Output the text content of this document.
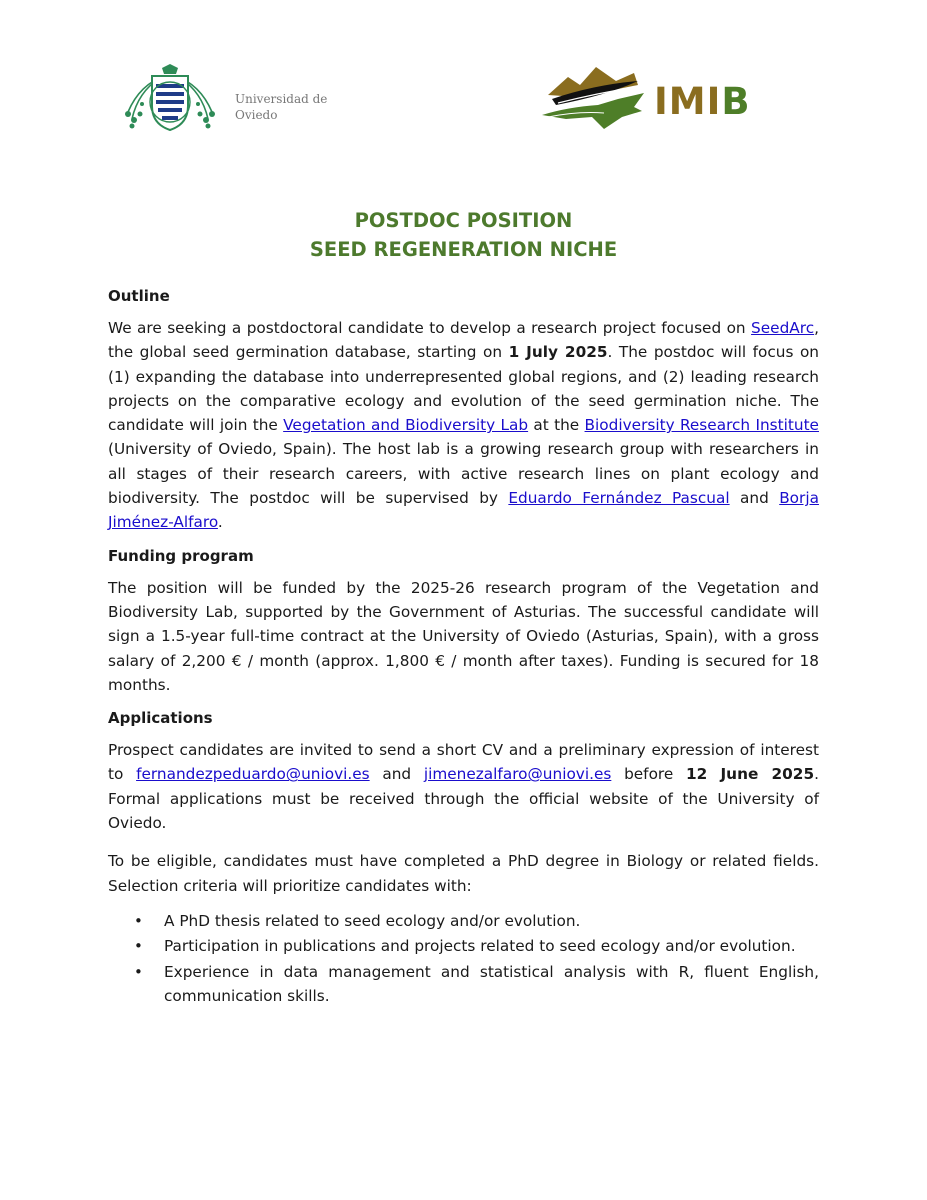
Universidad de
Oviedo	IMIB
POSTDOC POSITION
SEED REGENERATION NICHE

Outline

We are seeking a postdoctoral candidate to develop a research project focused on SeedArc, the global seed germination database, starting on 1 July 2025. The postdoc will focus on (1) expanding the database into underrepresented global regions, and (2) leading research projects on the comparative ecology and evolution of the seed germination niche. The candidate will join the Vegetation and Biodiversity Lab at the Biodiversity Research Institute (University of Oviedo, Spain). The host lab is a growing research group with researchers in all stages of their research careers, with active research lines on plant ecology and biodiversity. The postdoc will be supervised by Eduardo Fernández Pascual and Borja Jiménez-Alfaro.

Funding program

The position will be funded by the 2025-26 research program of the Vegetation and Biodiversity Lab, supported by the Government of Asturias. The successful candidate will sign a 1.5-year full-time contract at the University of Oviedo (Asturias, Spain), with a gross salary of 2,200 € / month (approx. 1,800 € / month after taxes). Funding is secured for 18 months.

Applications

Prospect candidates are invited to send a short CV and a preliminary expression of interest to fernandezpeduardo@uniovi.es and jimenezalfaro@uniovi.es before 12 June 2025. Formal applications must be received through the official website of the University of Oviedo.

To be eligible, candidates must have completed a PhD degree in Biology or related fields. Selection criteria will prioritize candidates with:

• A PhD thesis related to seed ecology and/or evolution.
• Participation in publications and projects related to seed ecology and/or evolution.
• Experience in data management and statistical analysis with R, fluent English, communication skills.
